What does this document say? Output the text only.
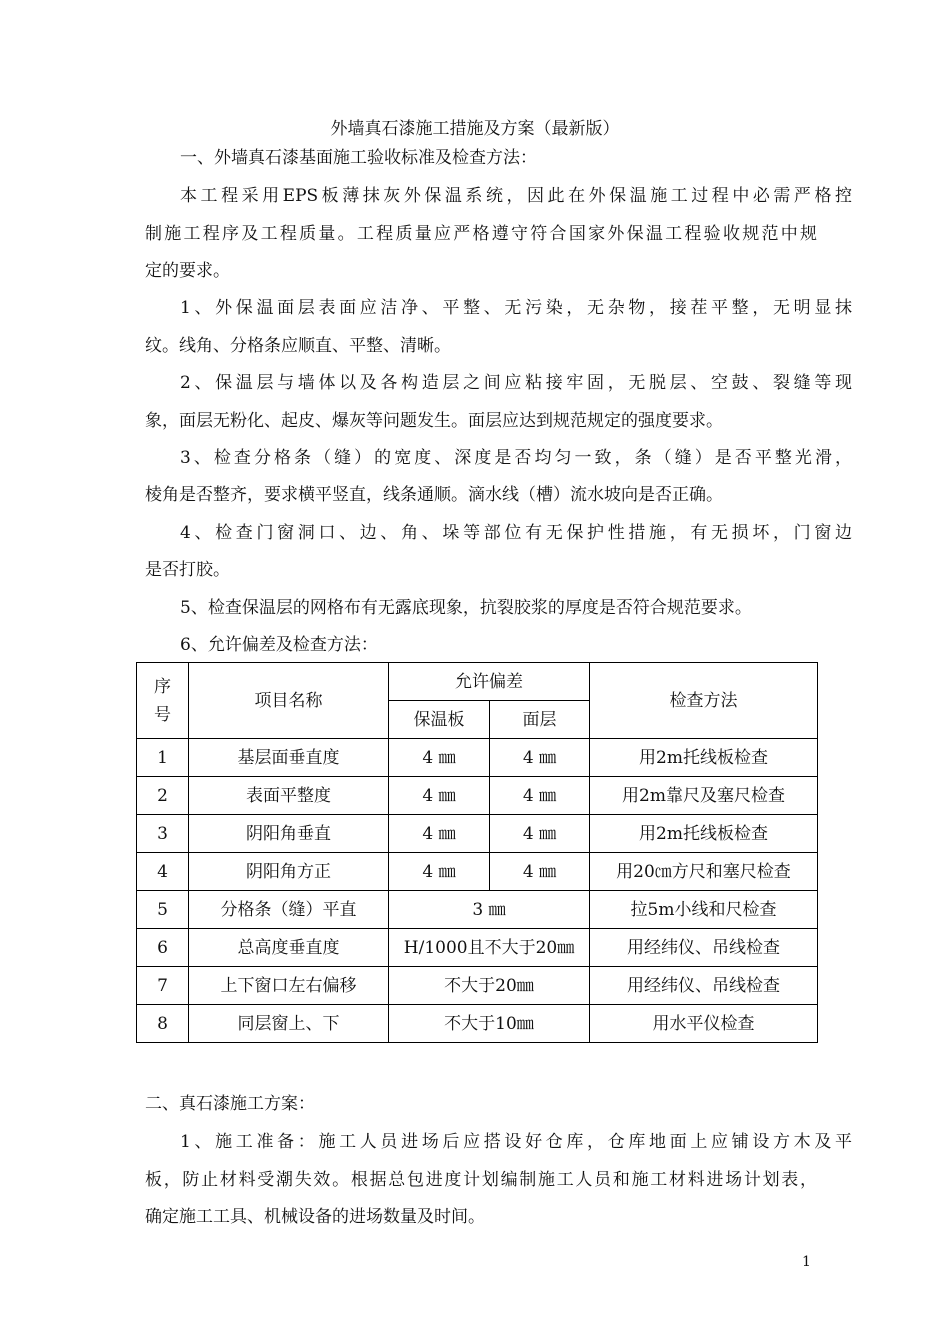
外墙真石漆施工措施及方案（最新版）
一、外墙真石漆基面施工验收标准及检查方法：
本工程采用EPS板薄抹灰外保温系统，因此在外保温施工过程中必需严格控
制施工程序及工程质量。工程质量应严格遵守符合国家外保温工程验收规范中规
定的要求。
1、外保温面层表面应洁净、平整、无污染，无杂物，接茬平整，无明显抹
纹。线角、分格条应顺直、平整、清晰。
2、保温层与墙体以及各构造层之间应粘接牢固，无脱层、空鼓、裂缝等现
象，面层无粉化、起皮、爆灰等问题发生。面层应达到规范规定的强度要求。
3、检查分格条（缝）的宽度、深度是否均匀一致，条（缝）是否平整光滑，
棱角是否整齐，要求横平竖直，线条通顺。滴水线（槽）流水坡向是否正确。
4、检查门窗洞口、边、角、垛等部位有无保护性措施，有无损坏，门窗边
是否打胶。
5、检查保温层的网格布有无露底现象，抗裂胶浆的厚度是否符合规范要求。
6、允许偏差及检查方法：
序
号	项目名称	允许偏差		检查方法
		保温板	面层	
1	基层面垂直度	4 ㎜	4 ㎜	用2m托线板检查
2	表面平整度	4 ㎜	4 ㎜	用2m靠尺及塞尺检查
3	阴阳角垂直	4 ㎜	4 ㎜	用2m托线板检查
4	阴阳角方正	4 ㎜	4 ㎜	用20㎝方尺和塞尺检查
5	分格条（缝）平直	3 ㎜		拉5m小线和尺检查
6	总高度垂直度	H/1000且不大于20㎜		用经纬仪、吊线检查
7	上下窗口左右偏移	不大于20㎜		用经纬仪、吊线检查
8	同层窗上、下	不大于10㎜		用水平仪检查
二、真石漆施工方案：
1、施工准备：施工人员进场后应搭设好仓库，仓库地面上应铺设方木及平
板，防止材料受潮失效。根据总包进度计划编制施工人员和施工材料进场计划表，
确定施工工具、机械设备的进场数量及时间。
1
